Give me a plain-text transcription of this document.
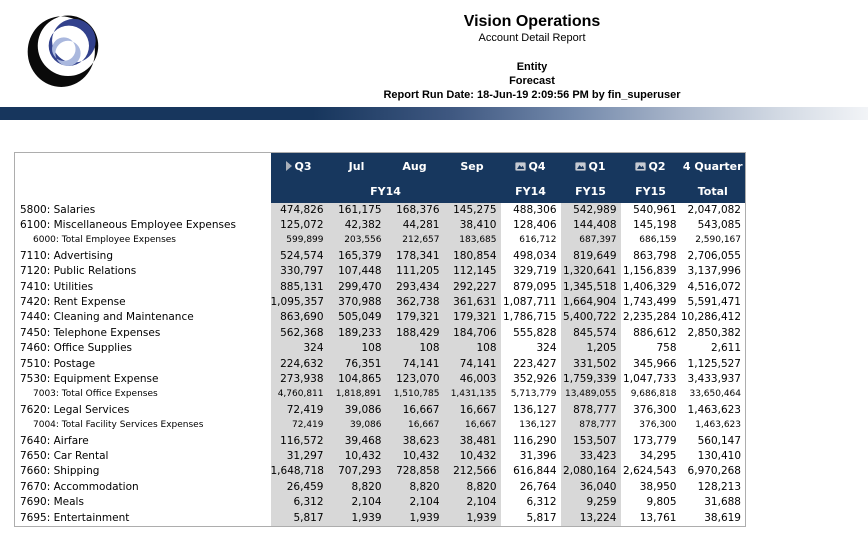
Vision Operations
Account Detail Report
Entity
Forecast
Report Run Date: 18-Jun-19 2:09:56 PM by fin_superuser
	Q3	Jul	Aug	Sep	Q4	Q1	Q2	4 Quarter
	FY14				FY14	FY15	FY15	Total
5800: Salaries	474,826	161,175	168,376	145,275	488,306	542,989	540,961	2,047,082
6100: Miscellaneous Employee Expenses	125,072	42,382	44,281	38,410	128,406	144,408	145,198	543,085
6000: Total Employee Expenses	599,899	203,556	212,657	183,685	616,712	687,397	686,159	2,590,167
7110: Advertising	524,574	165,379	178,341	180,854	498,034	819,649	863,798	2,706,055
7120: Public Relations	330,797	107,448	111,205	112,145	329,719	1,320,641	1,156,839	3,137,996
7410: Utilities	885,131	299,470	293,434	292,227	879,095	1,345,518	1,406,329	4,516,072
7420: Rent Expense	1,095,357	370,988	362,738	361,631	1,087,711	1,664,904	1,743,499	5,591,471
7440: Cleaning and Maintenance	863,690	505,049	179,321	179,321	1,786,715	5,400,722	2,235,284	10,286,412
7450: Telephone Expenses	562,368	189,233	188,429	184,706	555,828	845,574	886,612	2,850,382
7460: Office Supplies	324	108	108	108	324	1,205	758	2,611
7510: Postage	224,632	76,351	74,141	74,141	223,427	331,502	345,966	1,125,527
7530: Equipment Expense	273,938	104,865	123,070	46,003	352,926	1,759,339	1,047,733	3,433,937
7003: Total Office Expenses	4,760,811	1,818,891	1,510,785	1,431,135	5,713,779	13,489,055	9,686,818	33,650,464
7620: Legal Services	72,419	39,086	16,667	16,667	136,127	878,777	376,300	1,463,623
7004: Total Facility Services Expenses	72,419	39,086	16,667	16,667	136,127	878,777	376,300	1,463,623
7640: Airfare	116,572	39,468	38,623	38,481	116,290	153,507	173,779	560,147
7650: Car Rental	31,297	10,432	10,432	10,432	31,396	33,423	34,295	130,410
7660: Shipping	1,648,718	707,293	728,858	212,566	616,844	2,080,164	2,624,543	6,970,268
7670: Accommodation	26,459	8,820	8,820	8,820	26,764	36,040	38,950	128,213
7690: Meals	6,312	2,104	2,104	2,104	6,312	9,259	9,805	31,688
7695: Entertainment	5,817	1,939	1,939	1,939	5,817	13,224	13,761	38,619
